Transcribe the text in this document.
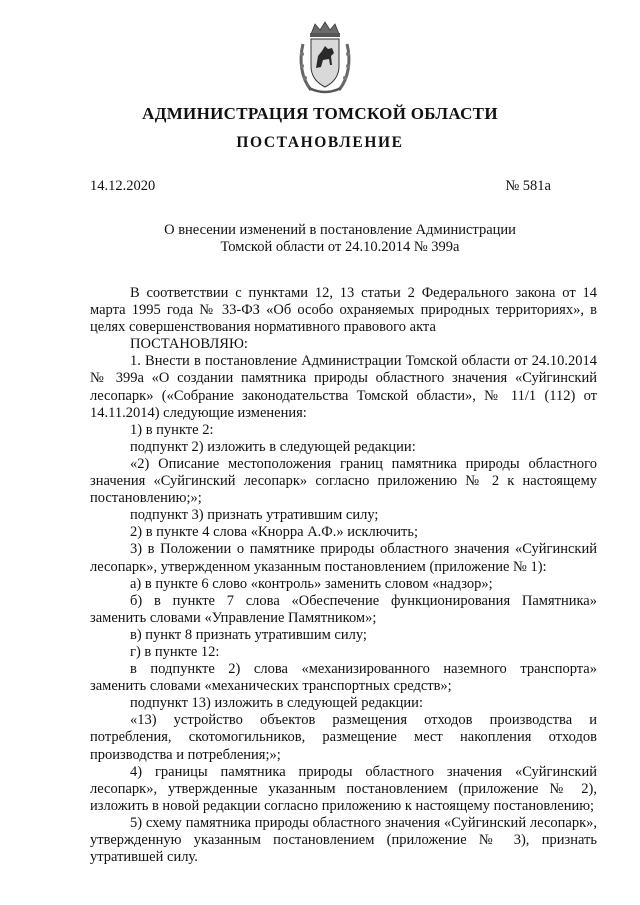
АДМИНИСТРАЦИЯ ТОМСКОЙ ОБЛАСТИ
ПОСТАНОВЛЕНИЕ
14.12.2020	№ 581а
О внесении изменений в постановление Администрации
Томской области от 24.10.2014 № 399а

В соответствии с пунктами 12, 13 статьи 2 Федерального закона от 14 марта 1995 года № 33-ФЗ «Об особо охраняемых природных территориях», в целях совершенствования нормативного правового акта

ПОСТАНОВЛЯЮ:

1. Внести в постановление Администрации Томской области от 24.10.2014 № 399а «О создании памятника природы областного значения «Суйгинский лесопарк» («Собрание законодательства Томской области», № 11/1 (112) от 14.11.2014) следующие изменения:

1) в пункте 2:

подпункт 2) изложить в следующей редакции:

«2) Описание местоположения границ памятника природы областного значения «Суйгинский лесопарк» согласно приложению № 2 к настоящему постановлению;»;

подпункт 3) признать утратившим силу;

2) в пункте 4 слова «Кнорра А.Ф.» исключить;

3) в Положении о памятнике природы областного значения «Суйгинский лесопарк», утвержденном указанным постановлением (приложение № 1):

а) в пункте 6 слово «контроль» заменить словом «надзор»;

б) в пункте 7 слова «Обеспечение функционирования Памятника» заменить словами «Управление Памятником»;

в) пункт 8 признать утратившим силу;

г) в пункте 12:

в подпункте 2) слова «механизированного наземного транспорта» заменить словами «механических транспортных средств»;

подпункт 13) изложить в следующей редакции:

«13) устройство объектов размещения отходов производства и потребления, скотомогильников, размещение мест накопления отходов производства и потребления;»;

4) границы памятника природы областного значения «Суйгинский лесопарк», утвержденные указанным постановлением (приложение № 2), изложить в новой редакции согласно приложению к настоящему постановлению;

5) схему памятника природы областного значения «Суйгинский лесопарк», утвержденную указанным постановлением (приложение № 3), признать утратившей силу.
